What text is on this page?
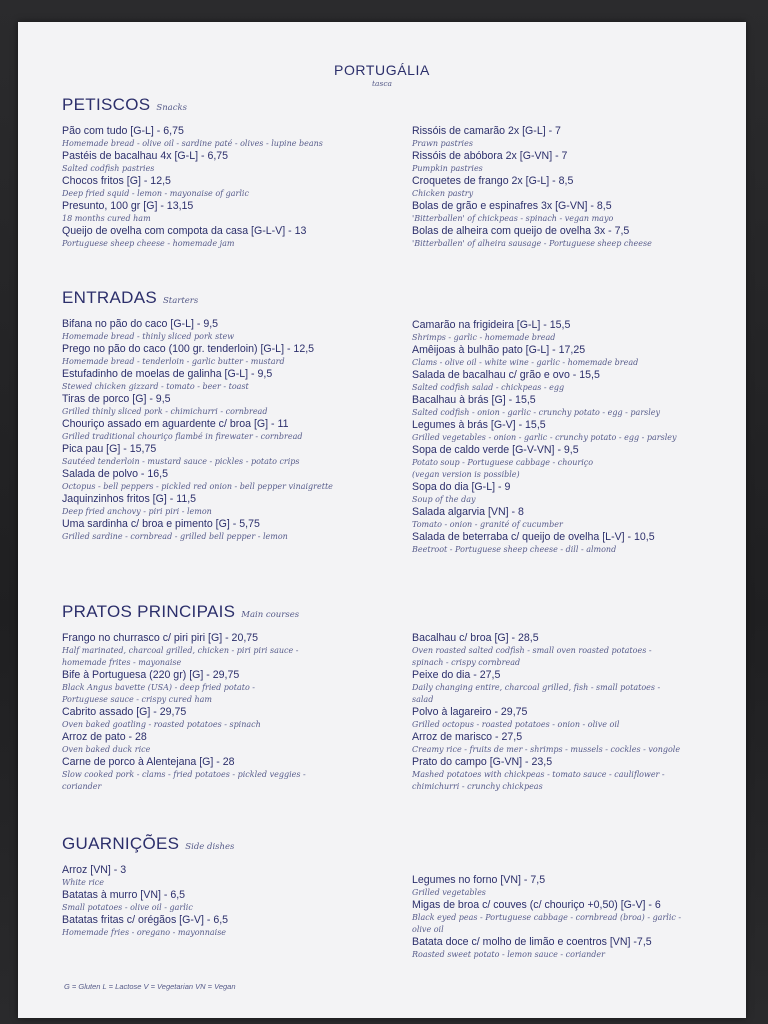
PORTUGÁLIA
tasca
PETISCOS Snacks
Pão com tudo [G-L] - 6,75
Homemade bread - olive oil - sardine paté - olives - lupine beans
Pastéis de bacalhau 4x [G-L] - 6,75
Salted codfish pastries
Chocos fritos [G] - 12,5
Deep fried squid - lemon - mayonaise of garlic
Presunto, 100 gr [G] - 13,15
18 months cured ham
Queijo de ovelha com compota da casa [G-L-V] - 13
Portuguese sheep cheese - homemade jam
Rissóis de camarão 2x [G-L] - 7
Prawn pastries
Rissóis de abóbora 2x [G-VN] - 7
Pumpkin pastries
Croquetes de frango 2x [G-L] - 8,5
Chicken pastry
Bolas de grão e espinafres 3x [G-VN] - 8,5
'Bitterballen' of chickpeas - spinach - vegan mayo
Bolas de alheira com queijo de ovelha 3x - 7,5
'Bitterballen' of alheira sausage - Portuguese sheep cheese
ENTRADAS Starters
Bifana no pão do caco [G-L] - 9,5
Homemade bread - thinly sliced pork stew
Prego no pão do caco (100 gr. tenderloin) [G-L] - 12,5
Homemade bread - tenderloin - garlic butter - mustard
Estufadinho de moelas de galinha [G-L] - 9,5
Stewed chicken gizzard - tomato - beer - toast
Tiras de porco [G] - 9,5
Grilled thinly sliced pork - chimichurri - cornbread
Chouriço assado em aguardente c/ broa [G] - 11
Grilled traditional chouriço flambé in firewater - cornbread
Pica pau [G] - 15,75
Sautéed tenderloin - mustard sauce - pickles - potato crips
Salada de polvo - 16,5
Octopus - bell peppers - pickled red onion - bell pepper vinaigrette
Jaquinzinhos fritos [G] - 11,5
Deep fried anchovy - piri piri - lemon
Uma sardinha c/ broa e pimento [G] - 5,75
Grilled sardine - cornbread - grilled bell pepper - lemon
Camarão na frigideira [G-L] - 15,5
Shrimps - garlic - homemade bread
Amêijoas à bulhão pato [G-L] - 17,25
Clams - olive oil - white wine - garlic - homemade bread
Salada de bacalhau c/ grão e ovo - 15,5
Salted codfish salad - chickpeas - egg
Bacalhau à brás [G] - 15,5
Salted codfish - onion - garlic - crunchy potato - egg - parsley
Legumes à brás [G-V] - 15,5
Grilled vegetables - onion - garlic - crunchy potato - egg - parsley
Sopa de caldo verde [G-V-VN] - 9,5
Potato soup - Portuguese cabbage - chouriço
(vegan version is possible)
Sopa do dia [G-L] - 9
Soup of the day
Salada algarvia [VN] - 8
Tomato - onion - granité of cucumber
Salada de beterraba c/ queijo de ovelha [L-V] - 10,5
Beetroot - Portuguese sheep cheese - dill - almond
PRATOS PRINCIPAIS Main courses
Frango no churrasco c/ piri piri [G] - 20,75
Half marinated, charcoal grilled, chicken - piri piri sauce -
homemade frites - mayonaise
Bife à Portuguesa (220 gr) [G] - 29,75
Black Angus bavette (USA) - deep fried potato -
Portuguese sauce - crispy cured ham
Cabrito assado [G] - 29,75
Oven baked goatling - roasted potatoes - spinach
Arroz de pato - 28
Oven baked duck rice
Carne de porco à Alentejana [G] - 28
Slow cooked pork - clams - fried potatoes - pickled veggies -
coriander
Bacalhau c/ broa [G] - 28,5
Oven roasted salted codfish - small oven roasted potatoes -
spinach - crispy cornbread
Peixe do dia - 27,5
Daily changing entire, charcoal grilled, fish - small potatoes -
salad
Polvo à lagareiro - 29,75
Grilled octopus - roasted potatoes - onion - olive oil
Arroz de marisco - 27,5
Creamy rice - fruits de mer - shrimps - mussels - cockles - vongole
Prato do campo [G-VN] - 23,5
Mashed potatoes with chickpeas - tomato sauce - cauliflower -
chimichurri - crunchy chickpeas
GUARNIÇÕES Side dishes
Arroz [VN] - 3
White rice
Batatas à murro [VN] - 6,5
Small potatoes - olive oil - garlic
Batatas fritas c/ orégãos [G-V] - 6,5
Homemade fries - oregano - mayonnaise
Legumes no forno [VN] - 7,5
Grilled vegetables
Migas de broa c/ couves (c/ chouriço +0,50) [G-V] - 6
Black eyed peas - Portuguese cabbage - cornbread (broa) - garlic -
olive oil
Batata doce c/ molho de limão e coentros [VN] -7,5
Roasted sweet potato - lemon sauce - coriander
G = Gluten L = Lactose V = Vegetarian VN = Vegan
